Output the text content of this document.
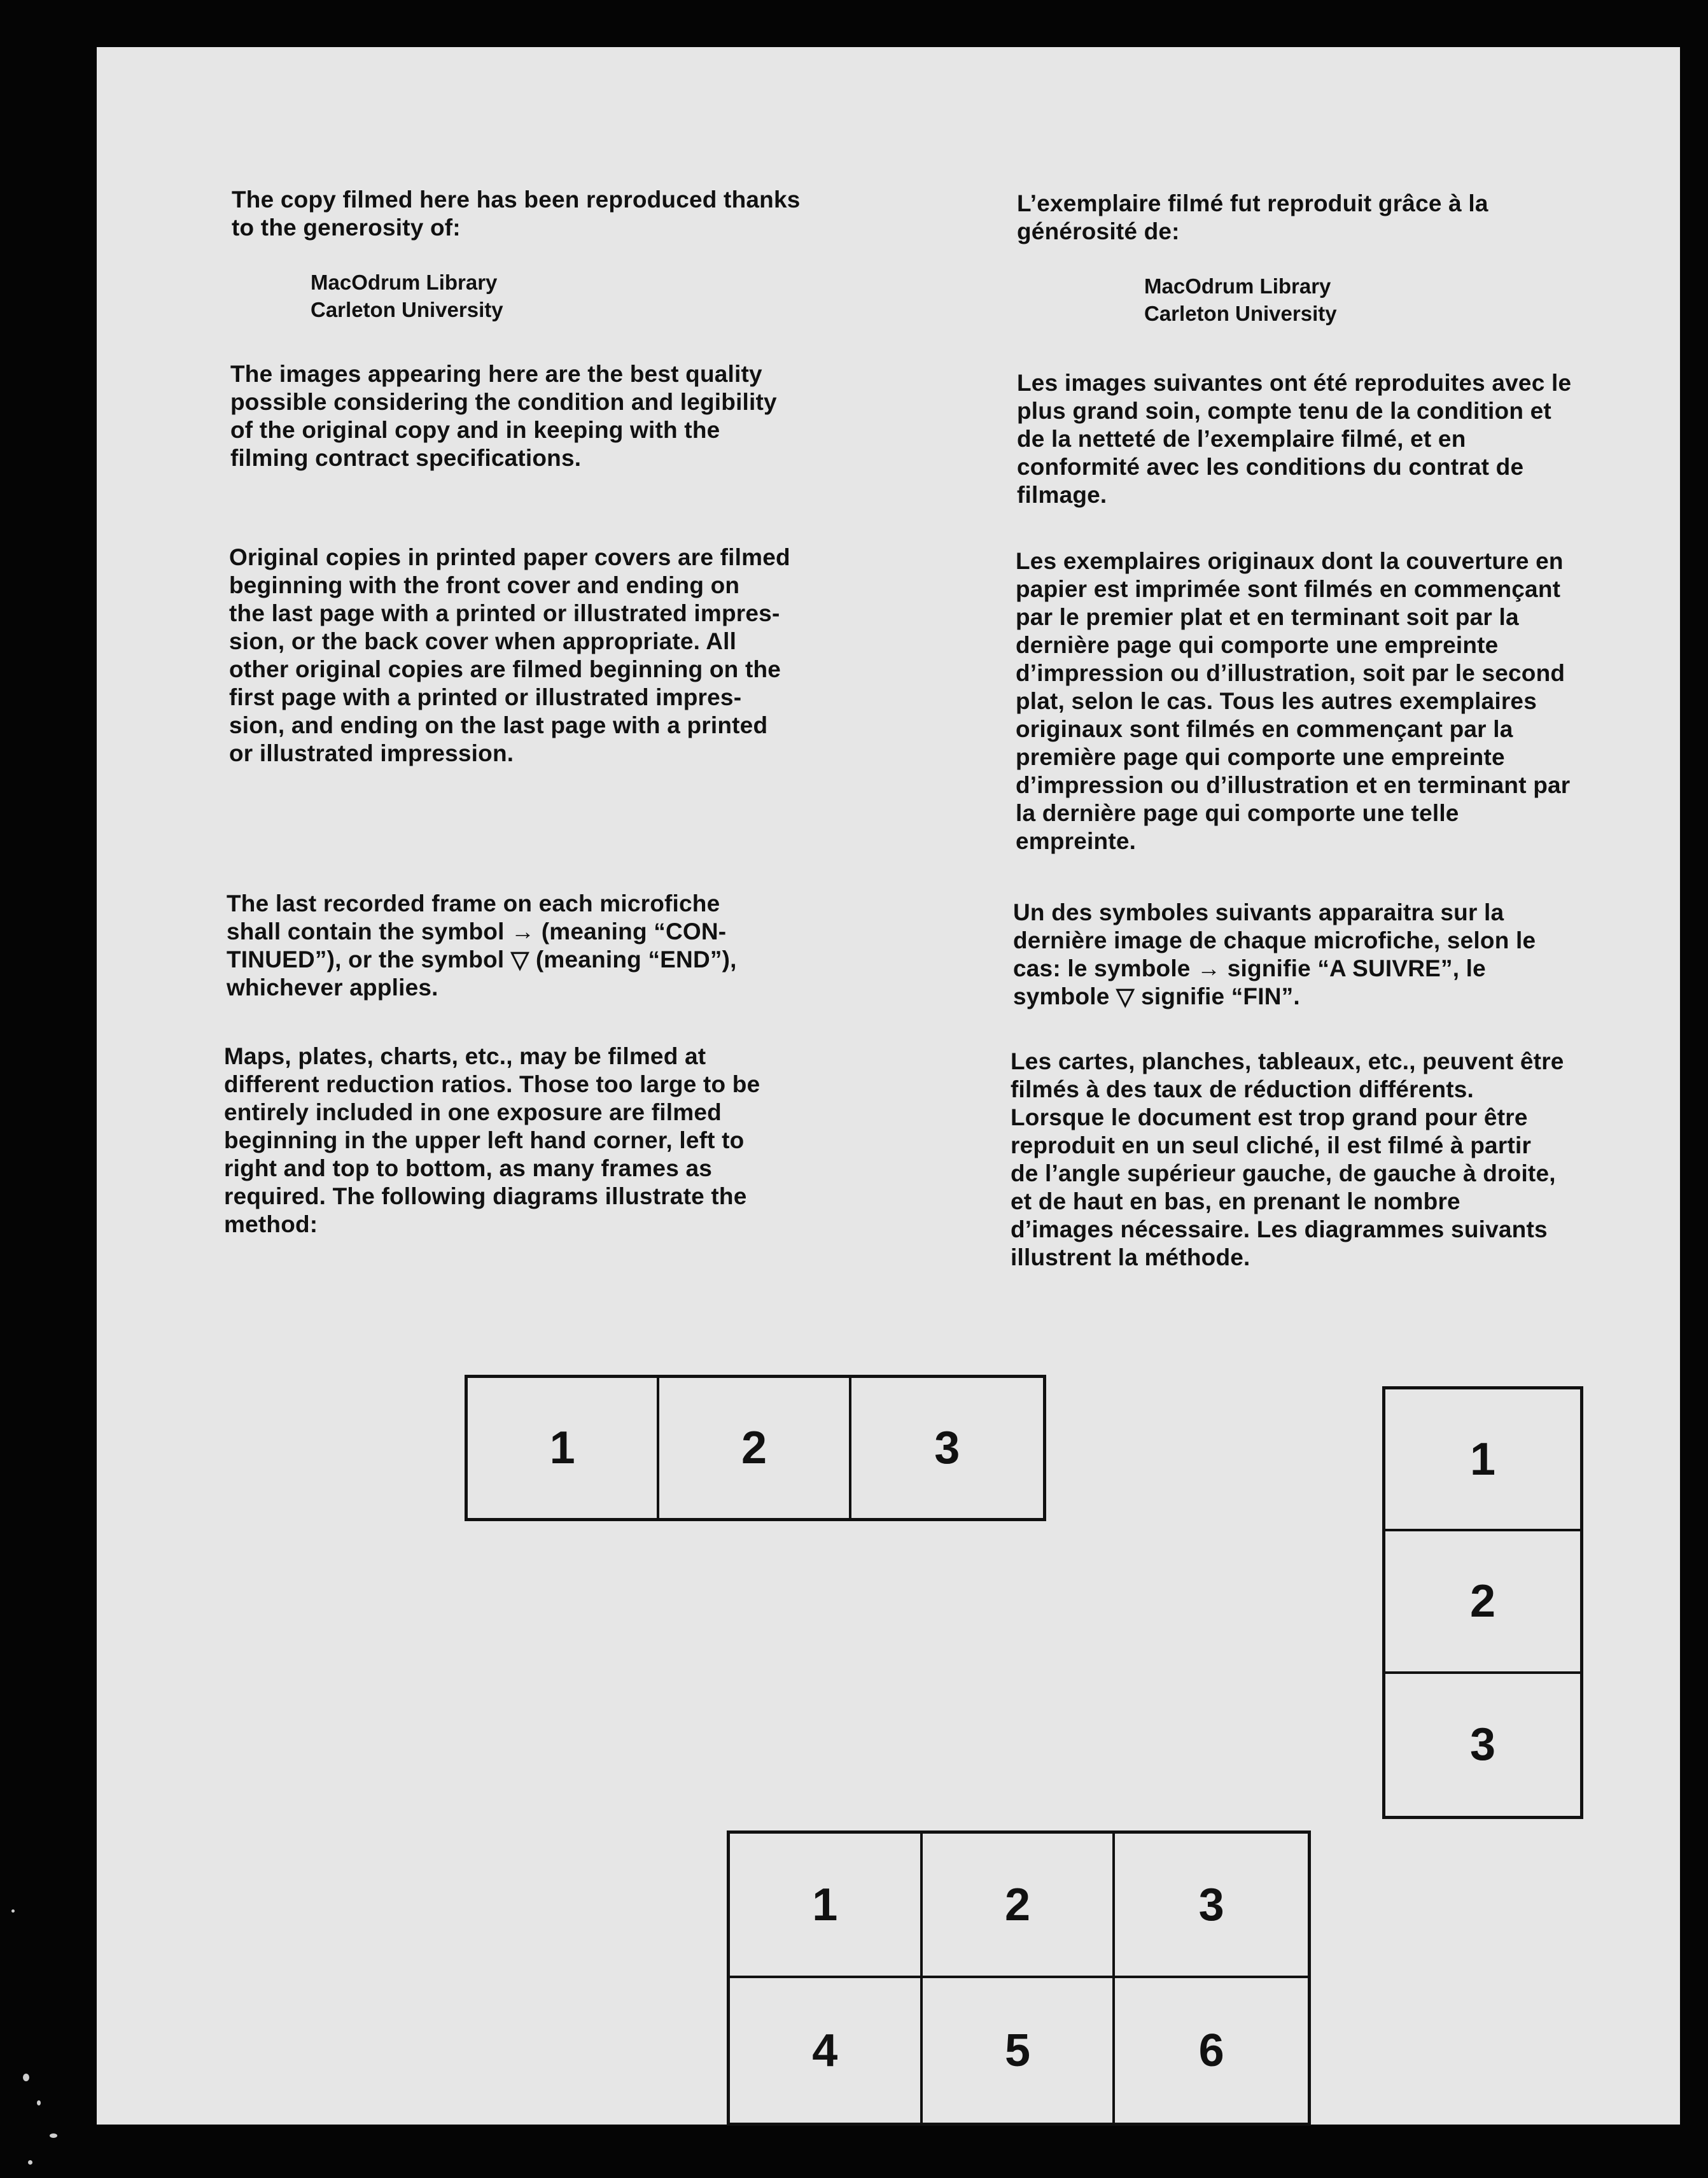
The copy filmed here has been reproduced thanks
to the generosity of:

MacOdrum Library
Carleton University

The images appearing here are the best quality
possible considering the condition and legibility
of the original copy and in keeping with the
filming contract specifications.

Original copies in printed paper covers are filmed
beginning with the front cover and ending on
the last page with a printed or illustrated impres-
sion, or the back cover when appropriate. All
other original copies are filmed beginning on the
first page with a printed or illustrated impres-
sion, and ending on the last page with a printed
or illustrated impression.

The last recorded frame on each microfiche
shall contain the symbol → (meaning “CON-
TINUED”), or the symbol ▽ (meaning “END”),
whichever applies.

Maps, plates, charts, etc., may be filmed at
different reduction ratios. Those too large to be
entirely included in one exposure are filmed
beginning in the upper left hand corner, left to
right and top to bottom, as many frames as
required. The following diagrams illustrate the
method:

L’exemplaire filmé fut reproduit grâce à la
générosité de:

MacOdrum Library
Carleton University

Les images suivantes ont été reproduites avec le
plus grand soin, compte tenu de la condition et
de la netteté de l’exemplaire filmé, et en
conformité avec les conditions du contrat de
filmage.

Les exemplaires originaux dont la couverture en
papier est imprimée sont filmés en commençant
par le premier plat et en terminant soit par la
dernière page qui comporte une empreinte
d’impression ou d’illustration, soit par le second
plat, selon le cas. Tous les autres exemplaires
originaux sont filmés en commençant par la
première page qui comporte une empreinte
d’impression ou d’illustration et en terminant par
la dernière page qui comporte une telle
empreinte.

Un des symboles suivants apparaitra sur la
dernière image de chaque microfiche, selon le
cas: le symbole → signifie “A SUIVRE”, le
symbole ▽ signifie “FIN”.

Les cartes, planches, tableaux, etc., peuvent être
filmés à des taux de réduction différents.
Lorsque le document est trop grand pour être
reproduit en un seul cliché, il est filmé à partir
de l’angle supérieur gauche, de gauche à droite,
et de haut en bas, en prenant le nombre
d’images nécessaire. Les diagrammes suivants
illustrent la méthode.

1	2	3	1
2
3
1	2	3
4	5	6
